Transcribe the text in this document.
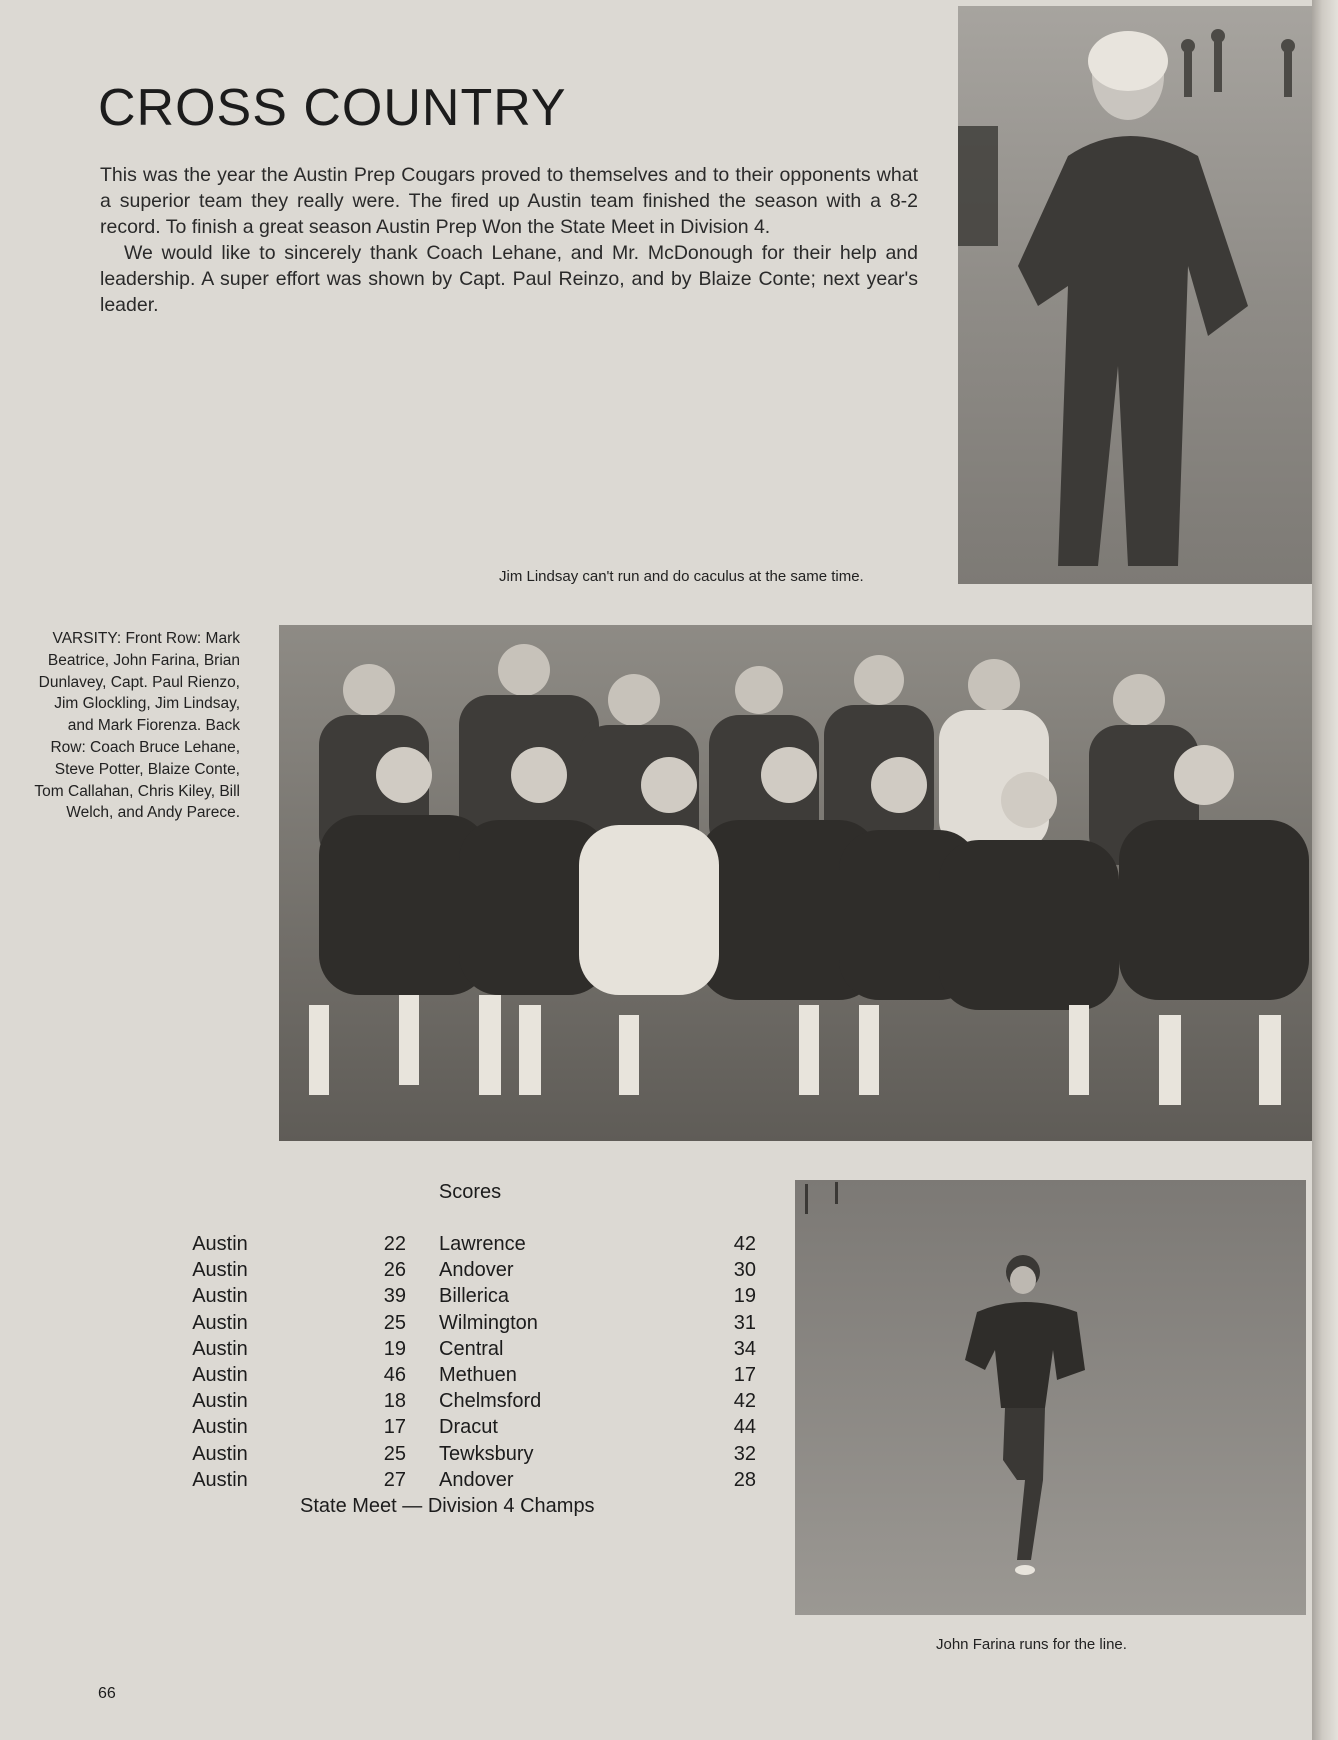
CROSS COUNTRY

This was the year the Austin Prep Cougars proved to themselves and to their opponents what a superior team they really were. The fired up Austin team finished the season with a 8-2 record. To finish a great season Austin Prep Won the State Meet in Division 4.

We would like to sincerely thank Coach Lehane, and Mr. McDonough for their help and leadership. A super effort was shown by Capt. Paul Reinzo, and by Blaize Conte; next year's leader.

Jim Lindsay can't run and do caculus at the same time.
VARSITY: Front Row: Mark Beatrice, John Farina, Brian Dunlavey, Capt. Paul Rienzo, Jim Glockling, Jim Lindsay, and Mark Fiorenza. Back Row: Coach Bruce Lehane, Steve Potter, Blaize Conte, Tom Callahan, Chris Kiley, Bill Welch, and Andy Parece.
Scores
Austin	22 Lawrence	42
Austin	26 Andover	30
Austin	39 Billerica	19
Austin	25 Wilmington	31
Austin	19 Central	34
Austin	46 Methuen	17
Austin	18 Chelmsford	42
Austin	17 Dracut	44
Austin	25 Tewksbury	32
Austin	27 Andover	28
State Meet — Division 4 Champs
John Farina runs for the line.
66
